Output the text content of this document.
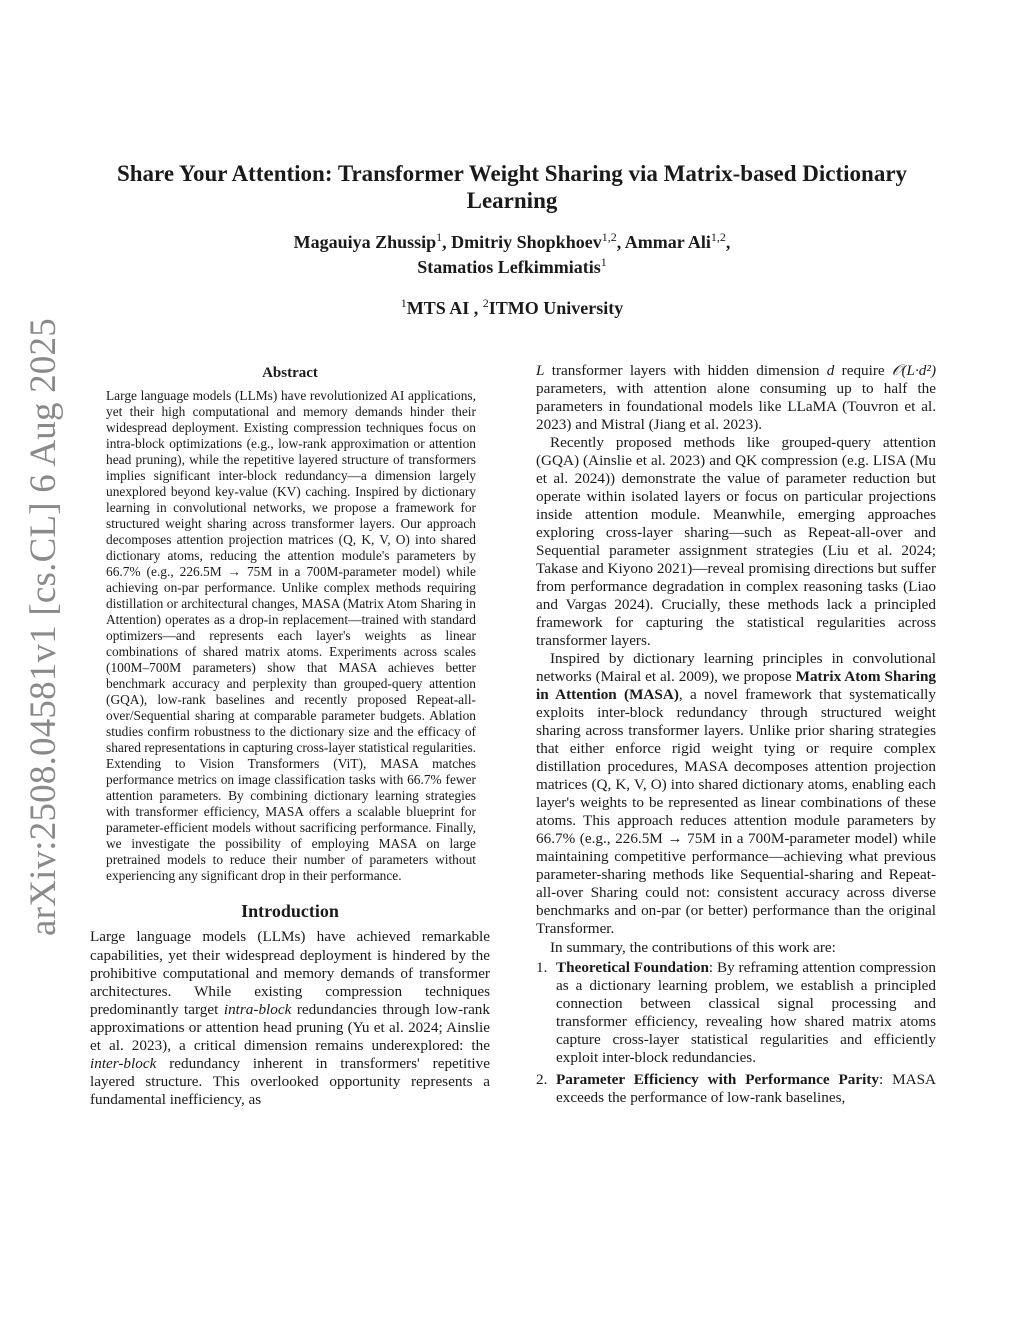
arXiv:2508.04581v1 [cs.CL] 6 Aug 2025
Share Your Attention: Transformer Weight Sharing via Matrix-based Dictionary
Learning
Magauiya Zhussip$^1$, Dmitriy Shopkhoev$^{1,2}$, Ammar Ali$^{1,2}$,
Stamatios Lefkimmiatis$^1$
$^1$MTS AI , $^2$ITMO University
Abstract

Large language models (LLMs) have revolutionized AI applications, yet their high computational and memory demands hinder their widespread deployment. Existing compression techniques focus on intra-block optimizations (e.g., low-rank approximation or attention head pruning), while the repetitive layered structure of transformers implies significant inter-block redundancy—a dimension largely unexplored beyond key-value (KV) caching. Inspired by dictionary learning in convolutional networks, we propose a framework for structured weight sharing across transformer layers. Our approach decomposes attention projection matrices (Q, K, V, O) into shared dictionary atoms, reducing the attention module's parameters by 66.7% (e.g., 226.5M → 75M in a 700M-parameter model) while achieving on-par performance. Unlike complex methods requiring distillation or architectural changes, MASA (Matrix Atom Sharing in Attention) operates as a drop-in replacement—trained with standard optimizers—and represents each layer's weights as linear combinations of shared matrix atoms. Experiments across scales (100M–700M parameters) show that MASA achieves better benchmark accuracy and perplexity than grouped-query attention (GQA), low-rank baselines and recently proposed Repeat-all-over/Sequential sharing at comparable parameter budgets. Ablation studies confirm robustness to the dictionary size and the efficacy of shared representations in capturing cross-layer statistical regularities. Extending to Vision Transformers (ViT), MASA matches performance metrics on image classification tasks with 66.7% fewer attention parameters. By combining dictionary learning strategies with transformer efficiency, MASA offers a scalable blueprint for parameter-efficient models without sacrificing performance. Finally, we investigate the possibility of employing MASA on large pretrained models to reduce their number of parameters without experiencing any significant drop in their performance.

Introduction

Large language models (LLMs) have achieved remarkable capabilities, yet their widespread deployment is hindered by the prohibitive computational and memory demands of transformer architectures. While existing compression techniques predominantly target intra-block redundancies through low-rank approximations or attention head pruning (Yu et al. 2024; Ainslie et al. 2023), a critical dimension remains underexplored: the inter-block redundancy inherent in transformers' repetitive layered structure. This overlooked opportunity represents a fundamental inefficiency, as

L transformer layers with hidden dimension d require 𝒪(L·d²) parameters, with attention alone consuming up to half the parameters in foundational models like LLaMA (Touvron et al. 2023) and Mistral (Jiang et al. 2023).

Recently proposed methods like grouped-query attention (GQA) (Ainslie et al. 2023) and QK compression (e.g. LISA (Mu et al. 2024)) demonstrate the value of parameter reduction but operate within isolated layers or focus on particular projections inside attention module. Meanwhile, emerging approaches exploring cross-layer sharing—such as Repeat-all-over and Sequential parameter assignment strategies (Liu et al. 2024; Takase and Kiyono 2021)—reveal promising directions but suffer from performance degradation in complex reasoning tasks (Liao and Vargas 2024). Crucially, these methods lack a principled framework for capturing the statistical regularities across transformer layers.

Inspired by dictionary learning principles in convolutional networks (Mairal et al. 2009), we propose Matrix Atom Sharing in Attention (MASA), a novel framework that systematically exploits inter-block redundancy through structured weight sharing across transformer layers. Unlike prior sharing strategies that either enforce rigid weight tying or require complex distillation procedures, MASA decomposes attention projection matrices (Q, K, V, O) into shared dictionary atoms, enabling each layer's weights to be represented as linear combinations of these atoms. This approach reduces attention module parameters by 66.7% (e.g., 226.5M → 75M in a 700M-parameter model) while maintaining competitive performance—achieving what previous parameter-sharing methods like Sequential-sharing and Repeat-all-over Sharing could not: consistent accuracy across diverse benchmarks and on-par (or better) performance than the original Transformer.

In summary, the contributions of this work are:

1. Theoretical Foundation: By reframing attention compression as a dictionary learning problem, we establish a principled connection between classical signal processing and transformer efficiency, revealing how shared matrix atoms capture cross-layer statistical regularities and efficiently exploit inter-block redundancies.
2. Parameter Efficiency with Performance Parity: MASA exceeds the performance of low-rank baselines,
